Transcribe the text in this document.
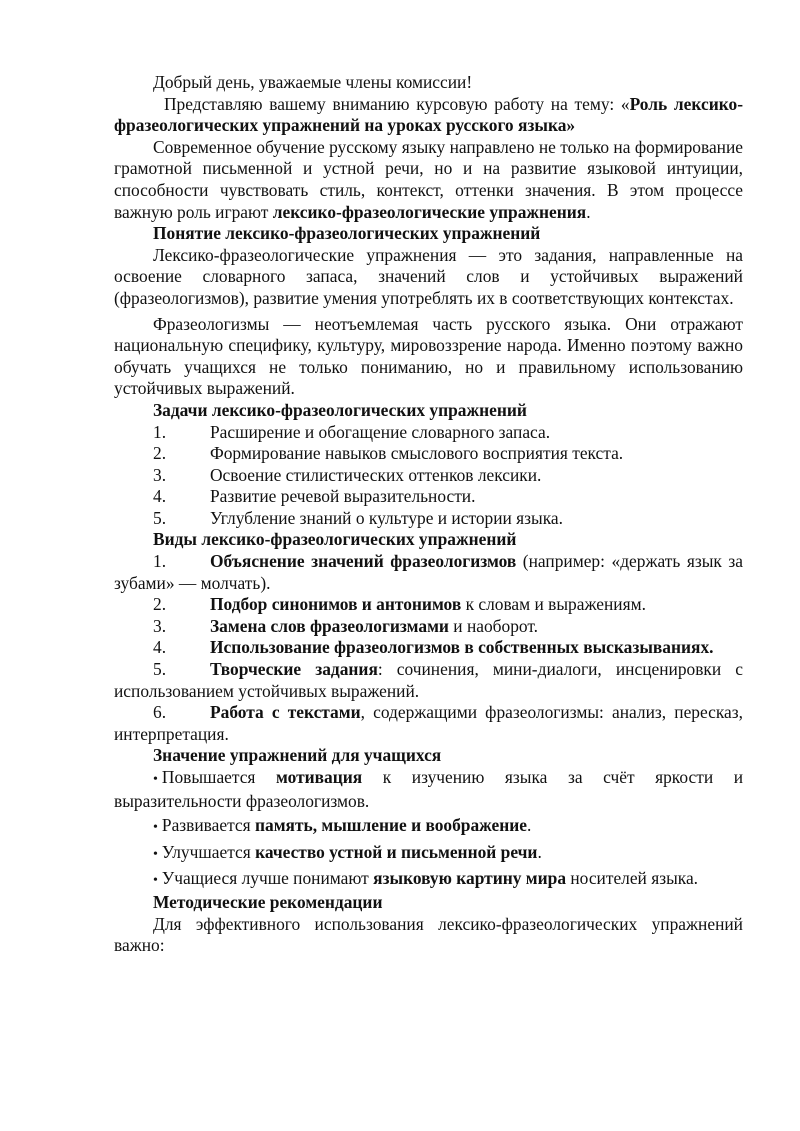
Добрый день, уважаемые члены комиссии!

Представляю вашему вниманию курсовую работу на тему: «Роль лексико-фразеологических упражнений на уроках русского языка»

Современное обучение русскому языку направлено не только на формирование грамотной письменной и устной речи, но и на развитие языковой интуиции, способности чувствовать стиль, контекст, оттенки значения. В этом процессе важную роль играют лексико-фразеологические упражнения.

Понятие лексико-фразеологических упражнений

Лексико-фразеологические упражнения — это задания, направленные на освоение словарного запаса, значений слов и устойчивых выражений (фразеологизмов), развитие умения употреблять их в соответствующих контекстах.

Фразеологизмы — неотъемлемая часть русского языка. Они отражают национальную специфику, культуру, мировоззрение народа. Именно поэтому важно обучать учащихся не только пониманию, но и правильному использованию устойчивых выражений.

Задачи лексико-фразеологических упражнений

1.	Расширение и обогащение словарного запаса.
2.	Формирование навыков смыслового восприятия текста.
3.	Освоение стилистических оттенков лексики.
4.	Развитие речевой выразительности.
5.	Углубление знаний о культуре и истории языка.

Виды лексико-фразеологических упражнений

1.	Объяснение значений фразеологизмов (например: «держать язык за зубами» — молчать).

2.	Подбор синонимов и антонимов к словам и выражениям.

3.	Замена слов фразеологизмами и наоборот.

4.	Использование фразеологизмов в собственных высказываниях.

5.	Творческие задания: сочинения, мини-диалоги, инсценировки с использованием устойчивых выражений.

6.	Работа с текстами, содержащими фразеологизмы: анализ, пересказ, интерпретация.

Значение упражнений для учащихся

• Повышается мотивация к изучению языка за счёт яркости и выразительности фразеологизмов.

• Развивается память, мышление и воображение.

• Улучшается качество устной и письменной речи.

• Учащиеся лучше понимают языковую картину мира носителей языка.

Методические рекомендации

Для эффективного использования лексико-фразеологических упражнений важно:
